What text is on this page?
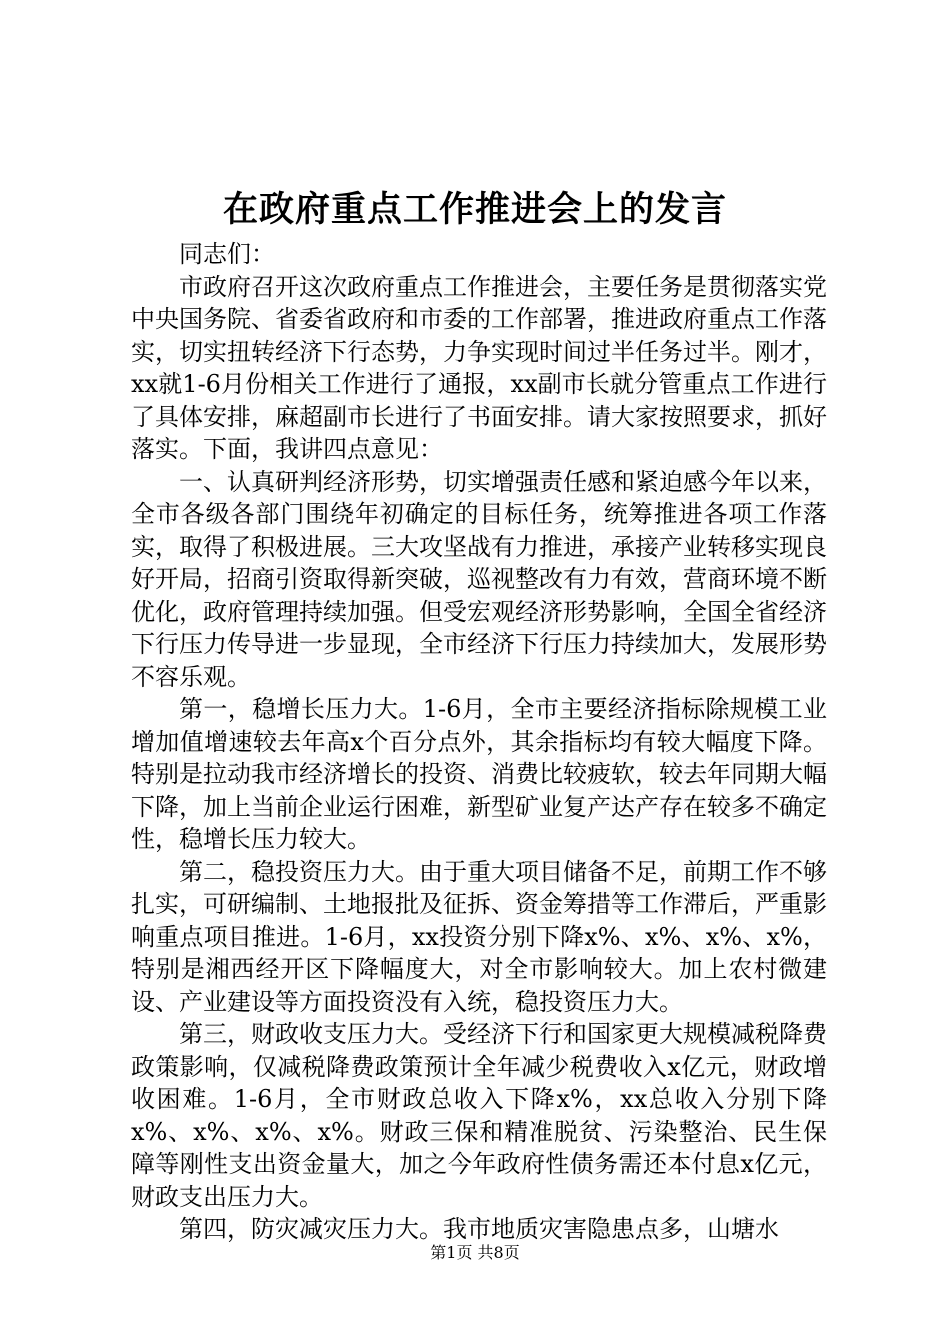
在政府重点工作推进会上的发言

同志们：

市政府召开这次政府重点工作推进会，主要任务是贯彻落实党中央国务院、省委省政府和市委的工作部署，推进政府重点工作落实，切实扭转经济下行态势，力争实现时间过半任务过半。刚才，xx就1-6月份相关工作进行了通报，xx副市长就分管重点工作进行了具体安排，麻超副市长进行了书面安排。请大家按照要求，抓好落实。下面，我讲四点意见：

一、认真研判经济形势，切实增强责任感和紧迫感今年以来，全市各级各部门围绕年初确定的目标任务，统筹推进各项工作落实，取得了积极进展。三大攻坚战有力推进，承接产业转移实现良好开局，招商引资取得新突破，巡视整改有力有效，营商环境不断优化，政府管理持续加强。但受宏观经济形势影响，全国全省经济下行压力传导进一步显现，全市经济下行压力持续加大，发展形势不容乐观。

第一，稳增长压力大。1-6月，全市主要经济指标除规模工业增加值增速较去年高x个百分点外，其余指标均有较大幅度下降。特别是拉动我市经济增长的投资、消费比较疲软，较去年同期大幅下降，加上当前企业运行困难，新型矿业复产达产存在较多不确定性，稳增长压力较大。

第二，稳投资压力大。由于重大项目储备不足，前期工作不够扎实，可研编制、土地报批及征拆、资金筹措等工作滞后，严重影响重点项目推进。1-6月，xx投资分别下降x%、x%、x%、x%，特别是湘西经开区下降幅度大，对全市影响较大。加上农村微建设、产业建设等方面投资没有入统，稳投资压力大。

第三，财政收支压力大。受经济下行和国家更大规模减税降费政策影响，仅减税降费政策预计全年减少税费收入x亿元，财政增收困难。1-6月，全市财政总收入下降x%，xx总收入分别下降x%、x%、x%、x%。财政三保和精准脱贫、污染整治、民生保障等刚性支出资金量大，加之今年政府性债务需还本付息x亿元，财政支出压力大。

第四，防灾减灾压力大。我市地质灾害隐患点多，山塘水

第1页 共8页
